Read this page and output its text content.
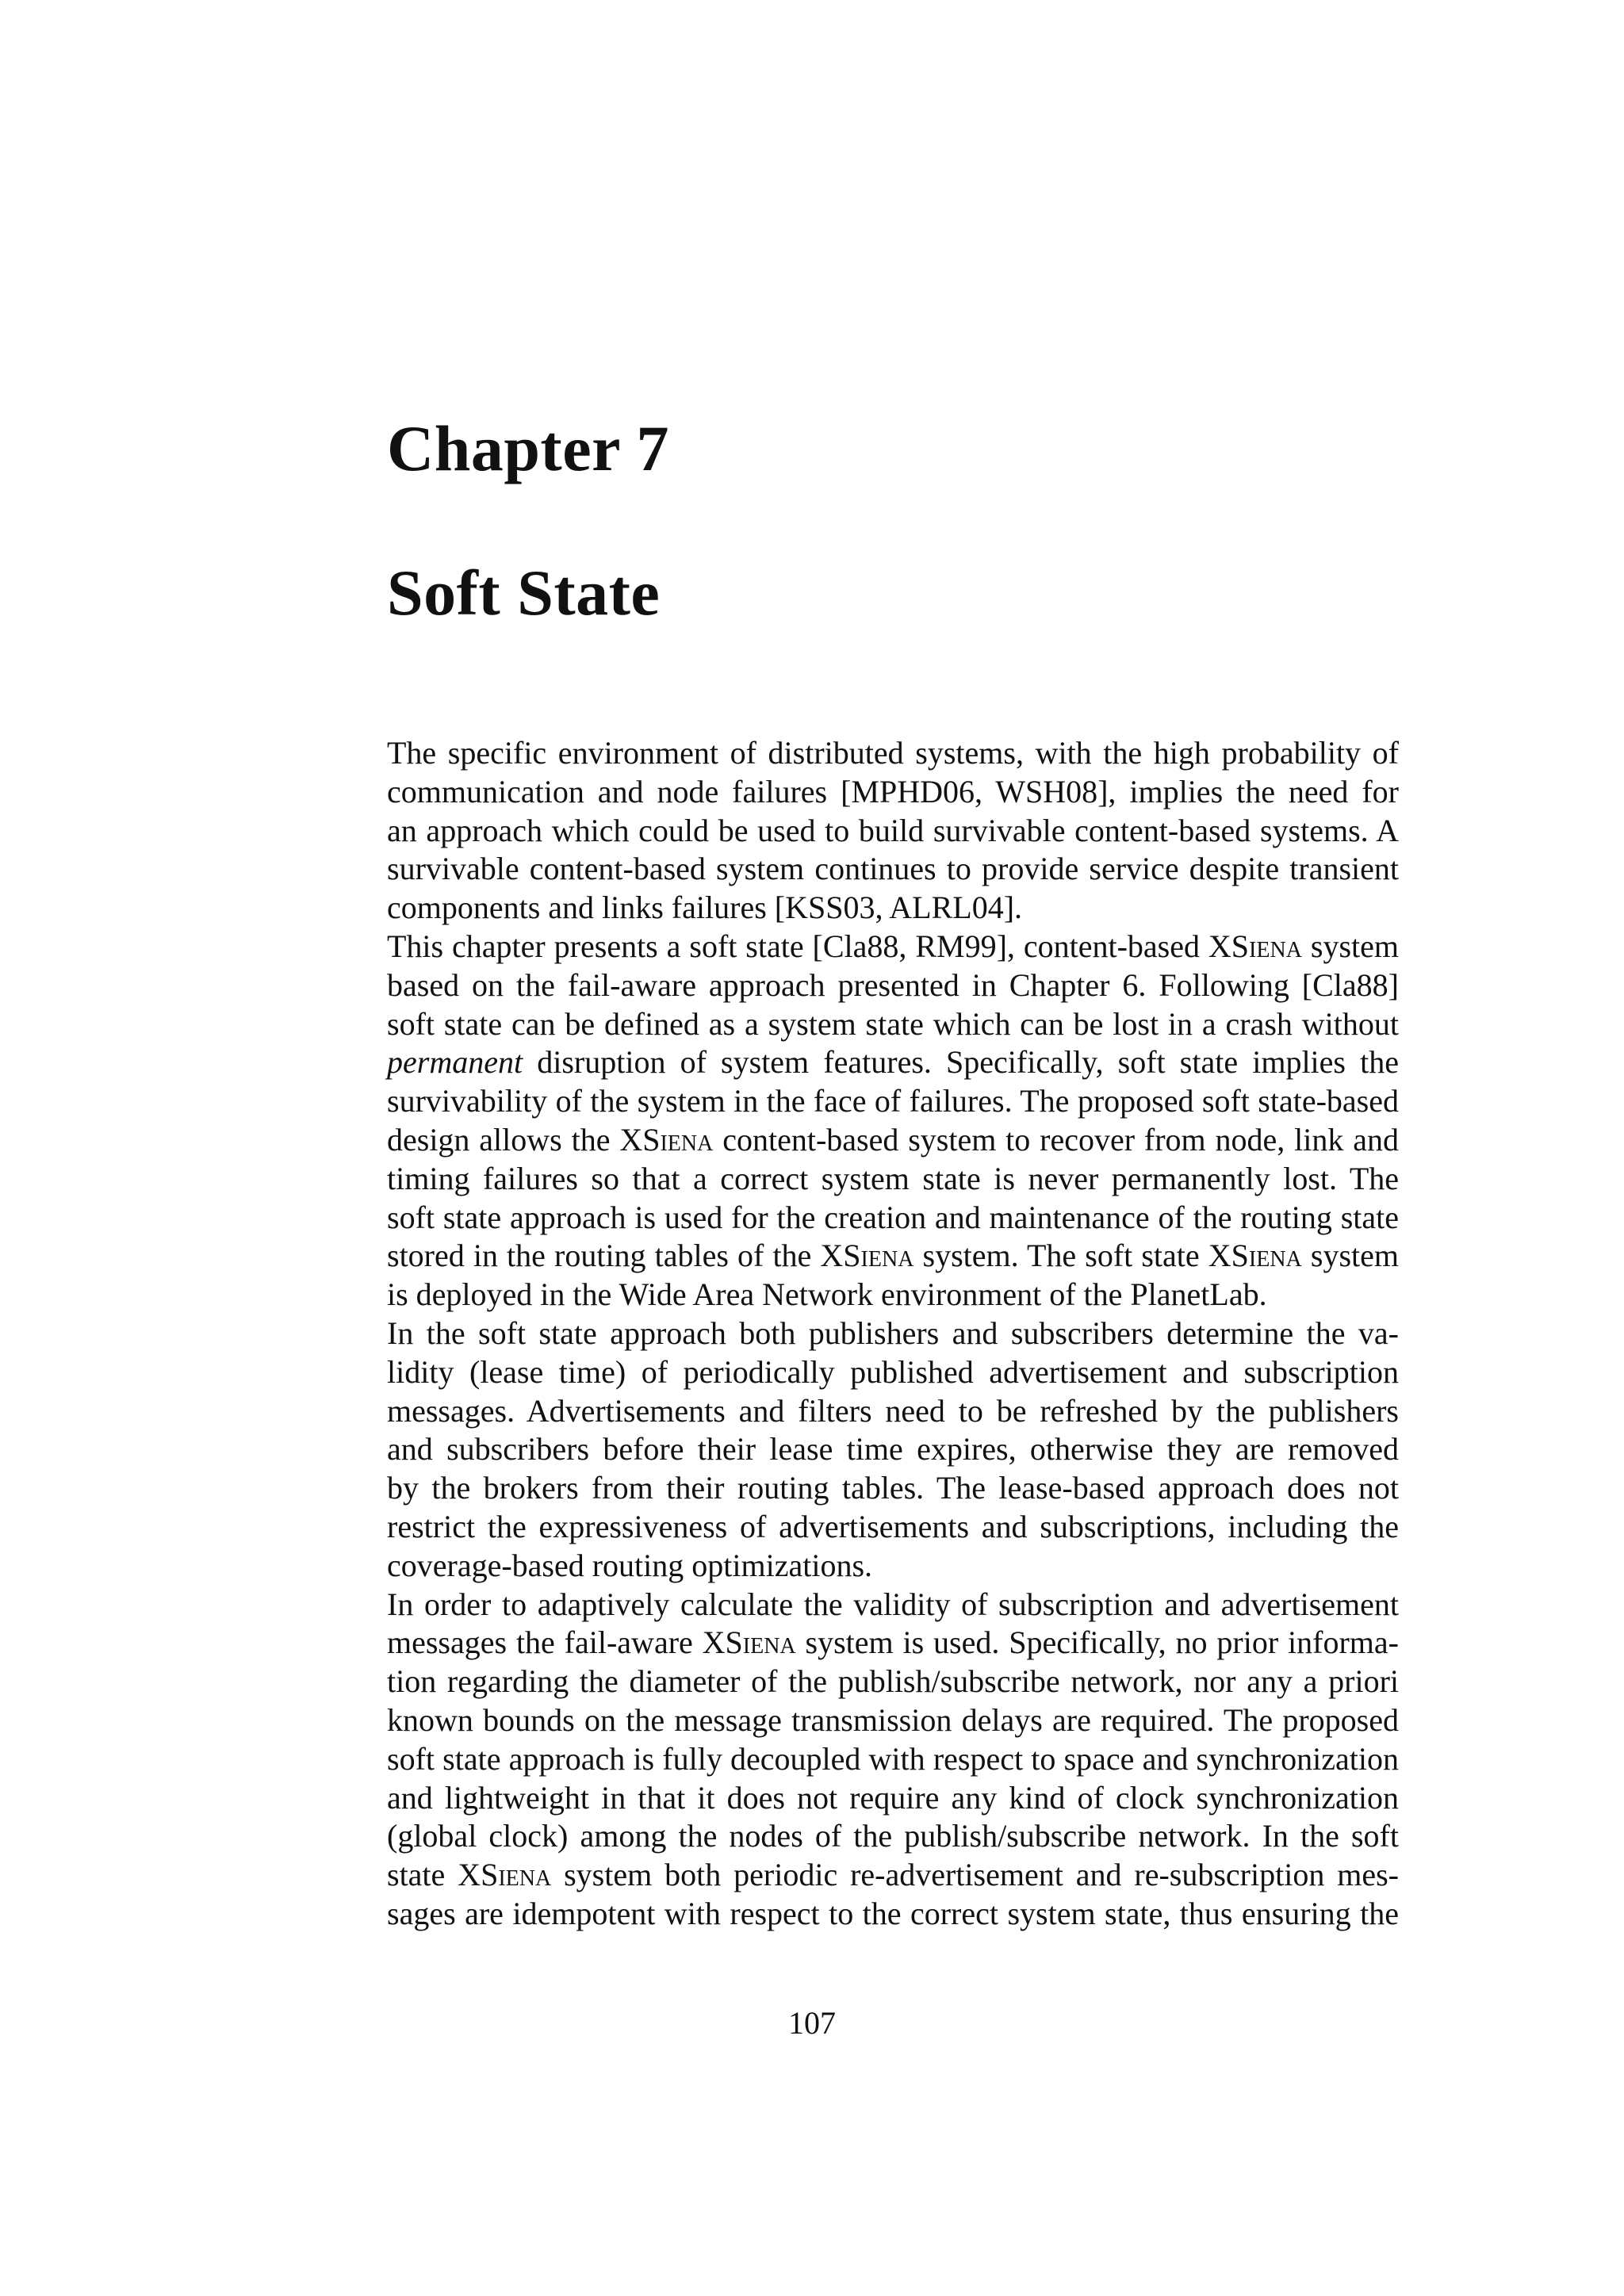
Chapter 7
Soft State
The specific environment of distributed systems, with the high probability of
communication and node failures [MPHD06, WSH08], implies the need for
an approach which could be used to build survivable content-based systems. A
survivable content-based system continues to provide service despite transient
components and links failures [KSS03, ALRL04].
This chapter presents a soft state [Cla88, RM99], content-based XSiena system
based on the fail-aware approach presented in Chapter 6. Following [Cla88]
soft state can be defined as a system state which can be lost in a crash without
permanent disruption of system features. Specifically, soft state implies the
survivability of the system in the face of failures. The proposed soft state-based
design allows the XSiena content-based system to recover from node, link and
timing failures so that a correct system state is never permanently lost. The
soft state approach is used for the creation and maintenance of the routing state
stored in the routing tables of the XSiena system. The soft state XSiena system
is deployed in the Wide Area Network environment of the PlanetLab.
In the soft state approach both publishers and subscribers determine the va-
lidity (lease time) of periodically published advertisement and subscription
messages. Advertisements and filters need to be refreshed by the publishers
and subscribers before their lease time expires, otherwise they are removed
by the brokers from their routing tables. The lease-based approach does not
restrict the expressiveness of advertisements and subscriptions, including the
coverage-based routing optimizations.
In order to adaptively calculate the validity of subscription and advertisement
messages the fail-aware XSiena system is used. Specifically, no prior informa-
tion regarding the diameter of the publish/subscribe network, nor any a priori
known bounds on the message transmission delays are required. The proposed
soft state approach is fully decoupled with respect to space and synchronization
and lightweight in that it does not require any kind of clock synchronization
(global clock) among the nodes of the publish/subscribe network. In the soft
state XSiena system both periodic re-advertisement and re-subscription mes-
sages are idempotent with respect to the correct system state, thus ensuring the
107
